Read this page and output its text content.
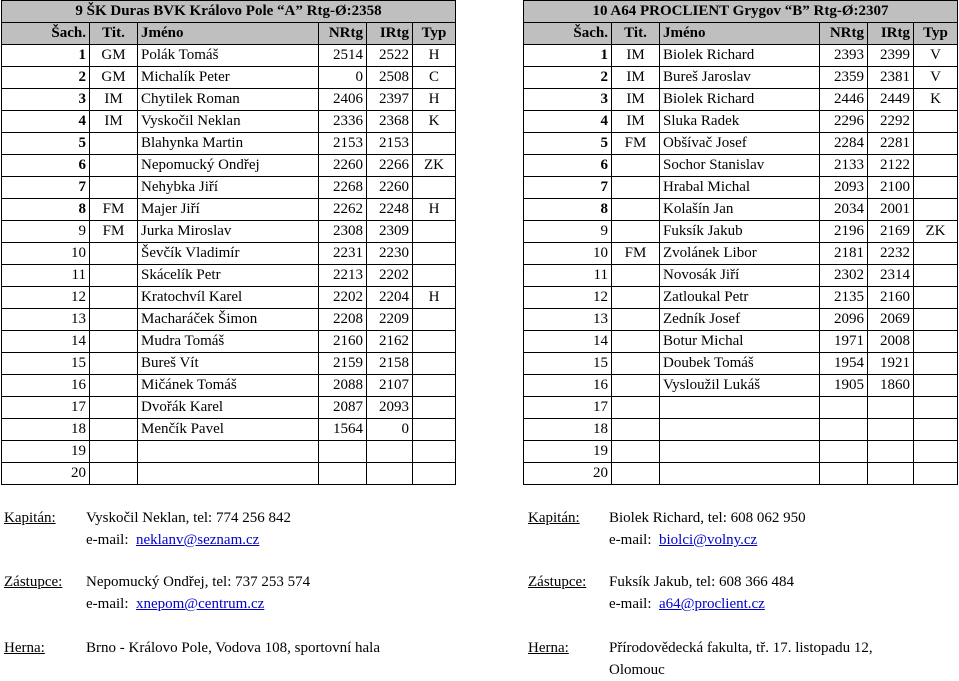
9 ŠK Duras BVK Královo Pole “A” Rtg-Ø:2358					
Šach.	Tit.	Jméno	NRtg	IRtg	Typ
1	GM	Polák Tomáš	2514	2522	H
2	GM	Michalík Peter	0	2508	C
3	IM	Chytilek Roman	2406	2397	H
4	IM	Vyskočil Neklan	2336	2368	K
5		Blahynka Martin	2153	2153	
6		Nepomucký Ondřej	2260	2266	ZK
7		Nehybka Jiří	2268	2260	
8	FM	Majer Jiří	2262	2248	H
9	FM	Jurka Miroslav	2308	2309	
10		Ševčík Vladimír	2231	2230	
11		Skácelík Petr	2213	2202	
12		Kratochvíl Karel	2202	2204	H
13		Macharáček Šimon	2208	2209	
14		Mudra Tomáš	2160	2162	
15		Bureš Vít	2159	2158	
16		Mičánek Tomáš	2088	2107	
17		Dvořák Karel	2087	2093	
18		Menčík Pavel	1564	0	
19					
20					
10 A64 PROCLIENT Grygov “B” Rtg-Ø:2307					
Šach.	Tit.	Jméno	NRtg	IRtg	Typ
1	IM	Biolek Richard	2393	2399	V
2	IM	Bureš Jaroslav	2359	2381	V
3	IM	Biolek Richard	2446	2449	K
4	IM	Sluka Radek	2296	2292	
5	FM	Obšívač Josef	2284	2281	
6		Sochor Stanislav	2133	2122	
7		Hrabal Michal	2093	2100	
8		Kolašín Jan	2034	2001	
9		Fuksík Jakub	2196	2169	ZK
10	FM	Zvolánek Libor	2181	2232	
11		Novosák Jiří	2302	2314	
12		Zatloukal Petr	2135	2160	
13		Zedník Josef	2096	2069	
14		Botur Michal	1971	2008	
15		Doubek Tomáš	1954	1921	
16		Vysloužil Lukáš	1905	1860	
17					
18					
19					
20					
Kapitán: Vyskočil Neklan, tel: 774 256 842
e-mail: neklanv@seznam.cz
Zástupce: Nepomucký Ondřej, tel: 737 253 574
e-mail: xnepom@centrum.cz
Herna:	Brno - Královo Pole, Vodova 108, sportovní hala
Kapitán: Biolek Richard, tel: 608 062 950
e-mail: biolci@volny.cz
Zástupce: Fuksík Jakub, tel: 608 366 484
e-mail: a64@proclient.cz
Herna:	Přírodovědecká fakulta, tř. 17. listopadu 12,
Olomouc
